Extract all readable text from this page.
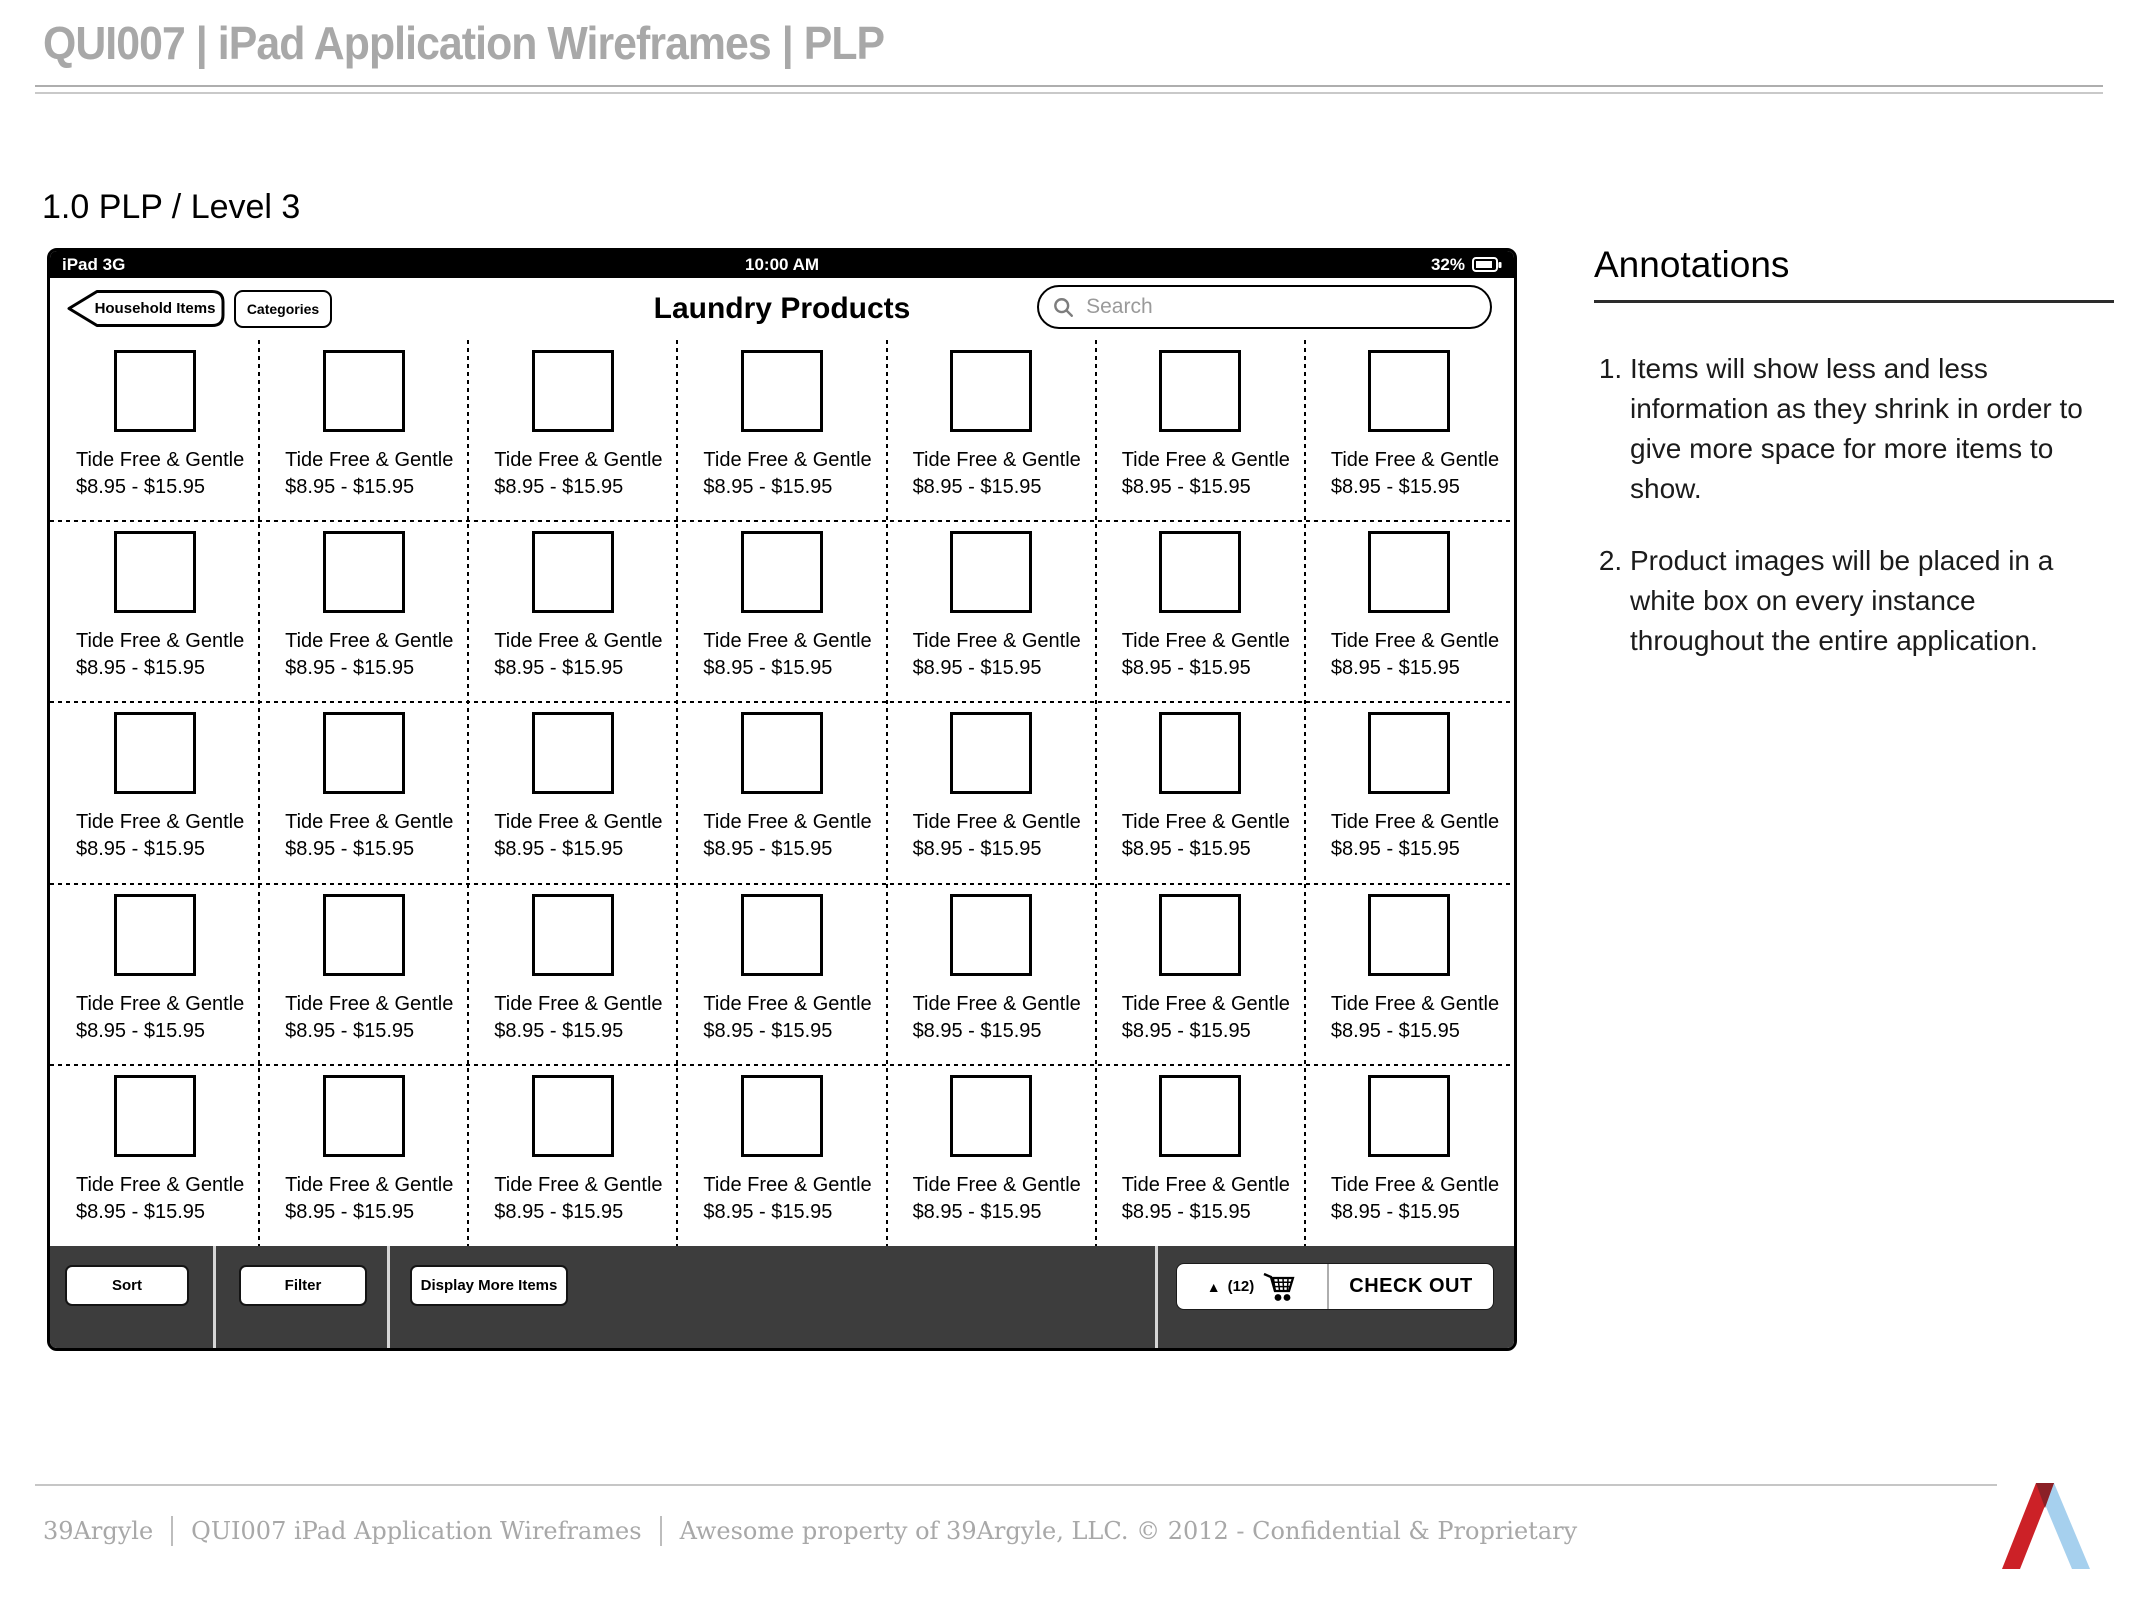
QUI007 | iPad Application Wireframes | PLP
1.0 PLP / Level 3
iPad 3G	10:00 AM	32%
Laundry Products
Household Items	Categories
Search
Tide Free & Gentle
$8.95 - $15.95
Tide Free & Gentle
$8.95 - $15.95
Tide Free & Gentle
$8.95 - $15.95
Tide Free & Gentle
$8.95 - $15.95
Tide Free & Gentle
$8.95 - $15.95
Tide Free & Gentle
$8.95 - $15.95
Tide Free & Gentle
$8.95 - $15.95
Tide Free & Gentle
$8.95 - $15.95
Tide Free & Gentle
$8.95 - $15.95
Tide Free & Gentle
$8.95 - $15.95
Tide Free & Gentle
$8.95 - $15.95
Tide Free & Gentle
$8.95 - $15.95
Tide Free & Gentle
$8.95 - $15.95
Tide Free & Gentle
$8.95 - $15.95
Tide Free & Gentle
$8.95 - $15.95
Tide Free & Gentle
$8.95 - $15.95
Tide Free & Gentle
$8.95 - $15.95
Tide Free & Gentle
$8.95 - $15.95
Tide Free & Gentle
$8.95 - $15.95
Tide Free & Gentle
$8.95 - $15.95
Tide Free & Gentle
$8.95 - $15.95
Tide Free & Gentle
$8.95 - $15.95
Tide Free & Gentle
$8.95 - $15.95
Tide Free & Gentle
$8.95 - $15.95
Tide Free & Gentle
$8.95 - $15.95
Tide Free & Gentle
$8.95 - $15.95
Tide Free & Gentle
$8.95 - $15.95
Tide Free & Gentle
$8.95 - $15.95
Tide Free & Gentle
$8.95 - $15.95
Tide Free & Gentle
$8.95 - $15.95
Tide Free & Gentle
$8.95 - $15.95
Tide Free & Gentle
$8.95 - $15.95
Tide Free & Gentle
$8.95 - $15.95
Tide Free & Gentle
$8.95 - $15.95
Tide Free & Gentle
$8.95 - $15.95
Sort	Filter	Display More Items	▲ (12)	CHECK OUT
Annotations
1. Items will show less and less information as they shrink in order to give more space for more items to show.
2. Product images will be placed in a white box on every instance throughout the entire application.
39Argyle QUI007 iPad Application Wireframes Awesome property of 39Argyle, LLC. © 2012 - Confidential & Proprietary
